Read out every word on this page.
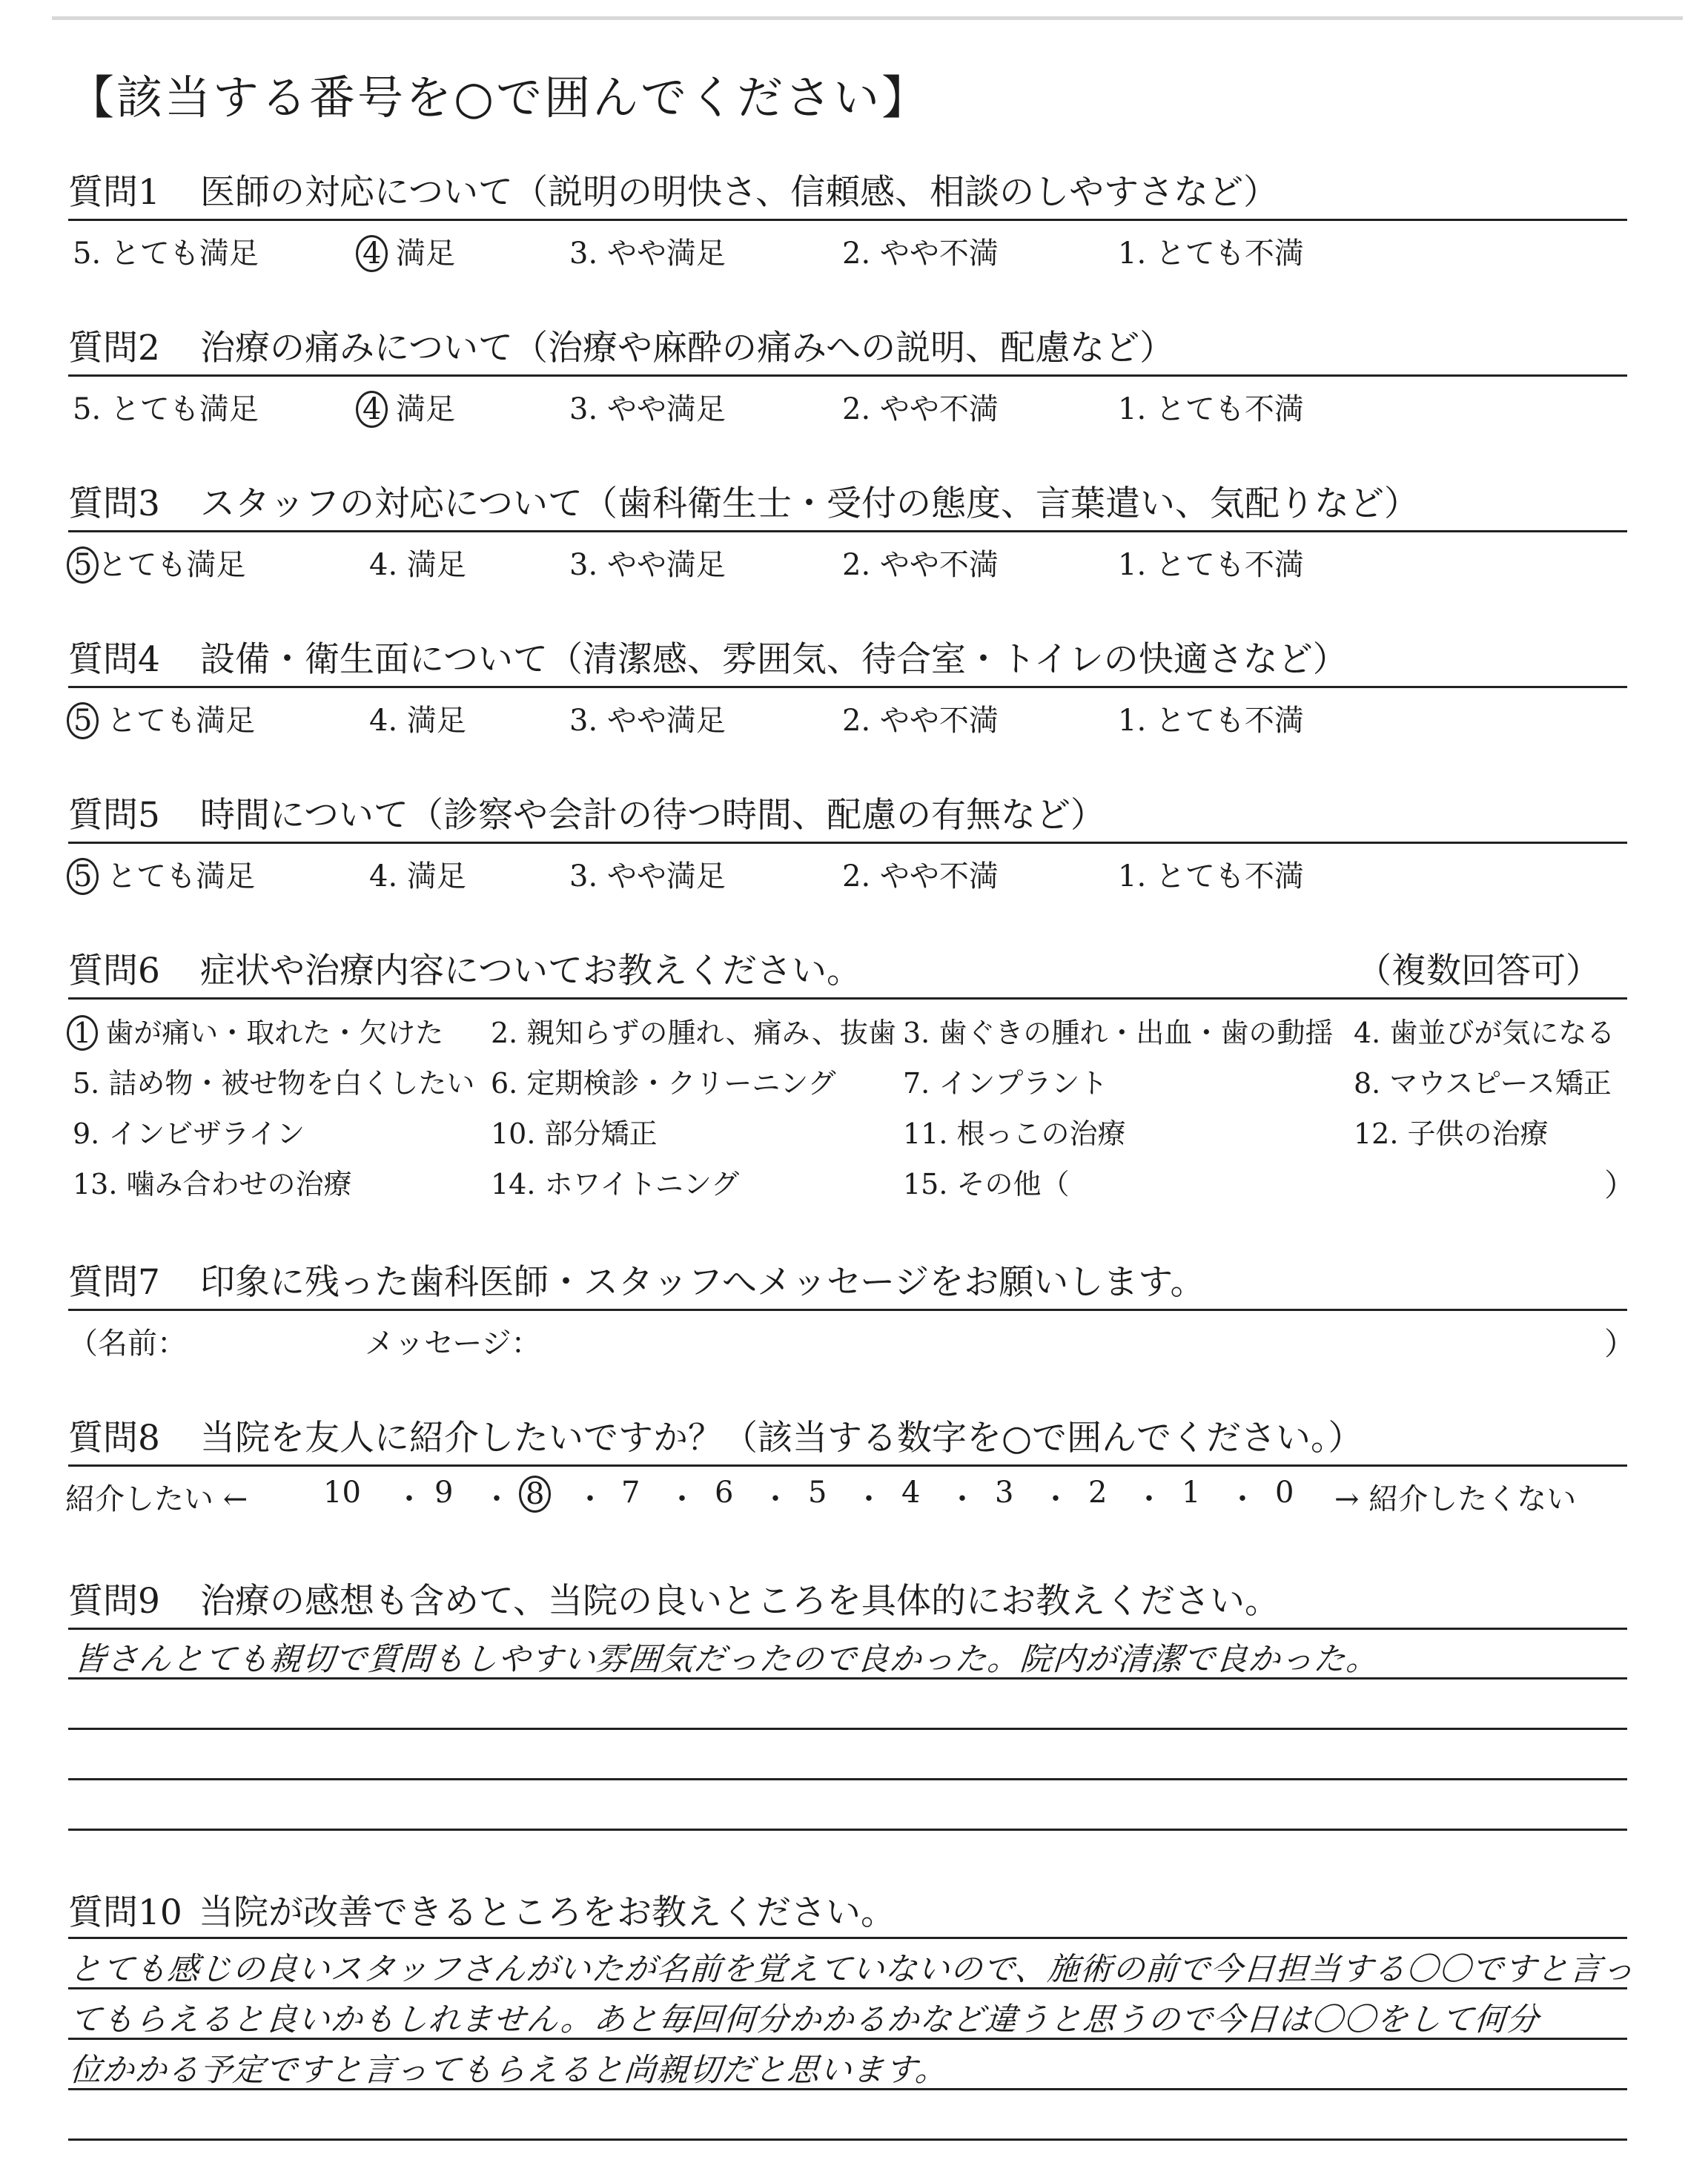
【該当する番号を○で囲んでください】
質問1 医師の対応について（説明の明快さ、信頼感、相談のしやすさなど）
5. とても満足	4 満足	3. やや満足	2. やや不満	1. とても不満
質問2 治療の痛みについて（治療や麻酔の痛みへの説明、配慮など）
5. とても満足	4 満足	3. やや満足	2. やや不満	1. とても不満
質問3 スタッフの対応について（歯科衛生士・受付の態度、言葉遣い、気配りなど）
5 とても満足	4. 満足	3. やや満足	2. やや不満	1. とても不満
質問4 設備・衛生面について（清潔感、雰囲気、待合室・トイレの快適さなど）
5 とても満足	4. 満足	3. やや満足	2. やや不満	1. とても不満
質問5 時間について（診察や会計の待つ時間、配慮の有無など）
5 とても満足	4. 満足	3. やや満足	2. やや不満	1. とても不満
質問6 症状や治療内容についてお教えください。	（複数回答可）
1 歯が痛い・取れた・欠けた 2. 親知らずの腫れ、痛み、抜歯 3. 歯ぐきの腫れ・出血・歯の動揺 4. 歯並びが気になる
5. 詰め物・被せ物を白くしたい 6. 定期検診・クリーニング 7. インプラント	8. マウスピース矯正
9. インビザライン	10. 部分矯正	11. 根っこの治療	12. 子供の治療
13. 噛み合わせの治療	14. ホワイトニング	15. その他（	）
質問7 印象に残った歯科医師・スタッフへメッセージをお願いします。
（名前：	メッセージ：	）
質問8 当院を友人に紹介したいですか？（該当する数字を○で囲んでください。）
紹介したい ←	10 ・ 9 ・ 8 ・ 7 ・ 6 ・ 5 ・ 4 ・ 3 ・ 2 ・ 1 ・ 0 → 紹介したくない
質問9 治療の感想も含めて、当院の良いところを具体的にお教えください。
皆さんとても親切で質問もしやすい雰囲気だったので良かった。院内が清潔で良かった。
質問10 当院が改善できるところをお教えください。
とても感じの良いスタッフさんがいたが名前を覚えていないので、施術の前で今日担当する〇〇ですと言っ
てもらえると良いかもしれません。あと毎回何分かかるかなど違うと思うので今日は〇〇をして何分
位かかる予定ですと言ってもらえると尚親切だと思います。
